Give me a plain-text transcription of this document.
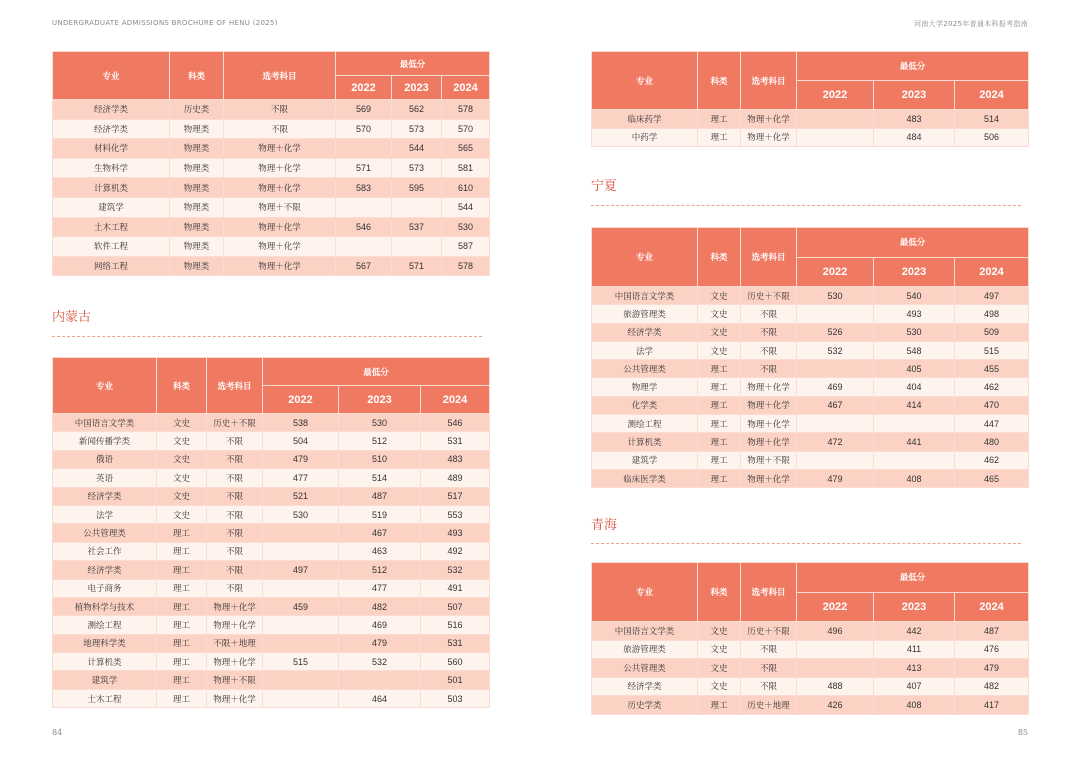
UNDERGRADUATE ADMISSIONS BROCHURE OF HENU (2025)	河南大学2025年普通本科报考指南
专业	科类	选考科目	最低分		
			2022	2023	2024
经济学类	历史类	不限	569	562	578
经济学类	物理类	不限	570	573	570
材料化学	物理类	物理＋化学		544	565
生物科学	物理类	物理＋化学	571	573	581
计算机类	物理类	物理＋化学	583	595	610
建筑学	物理类	物理＋不限			544
土木工程	物理类	物理＋化学	546	537	530
软件工程	物理类	物理＋化学			587
网络工程	物理类	物理＋化学	567	571	578
内蒙古
专业	科类	选考科目	最低分		
			2022	2023	2024
中国语言文学类	文史	历史＋不限	538	530	546
新闻传播学类	文史	不限	504	512	531
俄语	文史	不限	479	510	483
英语	文史	不限	477	514	489
经济学类	文史	不限	521	487	517
法学	文史	不限	530	519	553
公共管理类	理工	不限		467	493
社会工作	理工	不限		463	492
经济学类	理工	不限	497	512	532
电子商务	理工	不限		477	491
植物科学与技术	理工	物理＋化学	459	482	507
测绘工程	理工	物理＋化学		469	516
地理科学类	理工	不限＋地理		479	531
计算机类	理工	物理＋化学	515	532	560
建筑学	理工	物理＋不限			501
土木工程	理工	物理＋化学		464	503
专业	科类	选考科目	最低分		
			2022	2023	2024
临床药学	理工	物理＋化学		483	514
中药学	理工	物理＋化学		484	506
宁夏
专业	科类	选考科目	最低分		
			2022	2023	2024
中国语言文学类	文史	历史＋不限	530	540	497
旅游管理类	文史	不限		493	498
经济学类	文史	不限	526	530	509
法学	文史	不限	532	548	515
公共管理类	理工	不限		405	455
物理学	理工	物理＋化学	469	404	462
化学类	理工	物理＋化学	467	414	470
测绘工程	理工	物理＋化学			447
计算机类	理工	物理＋化学	472	441	480
建筑学	理工	物理＋不限			462
临床医学类	理工	物理＋化学	479	408	465
青海
专业	科类	选考科目	最低分		
			2022	2023	2024
中国语言文学类	文史	历史＋不限	496	442	487
旅游管理类	文史	不限		411	476
公共管理类	文史	不限		413	479
经济学类	文史	不限	488	407	482
历史学类	理工	历史＋地理	426	408	417
84	85
